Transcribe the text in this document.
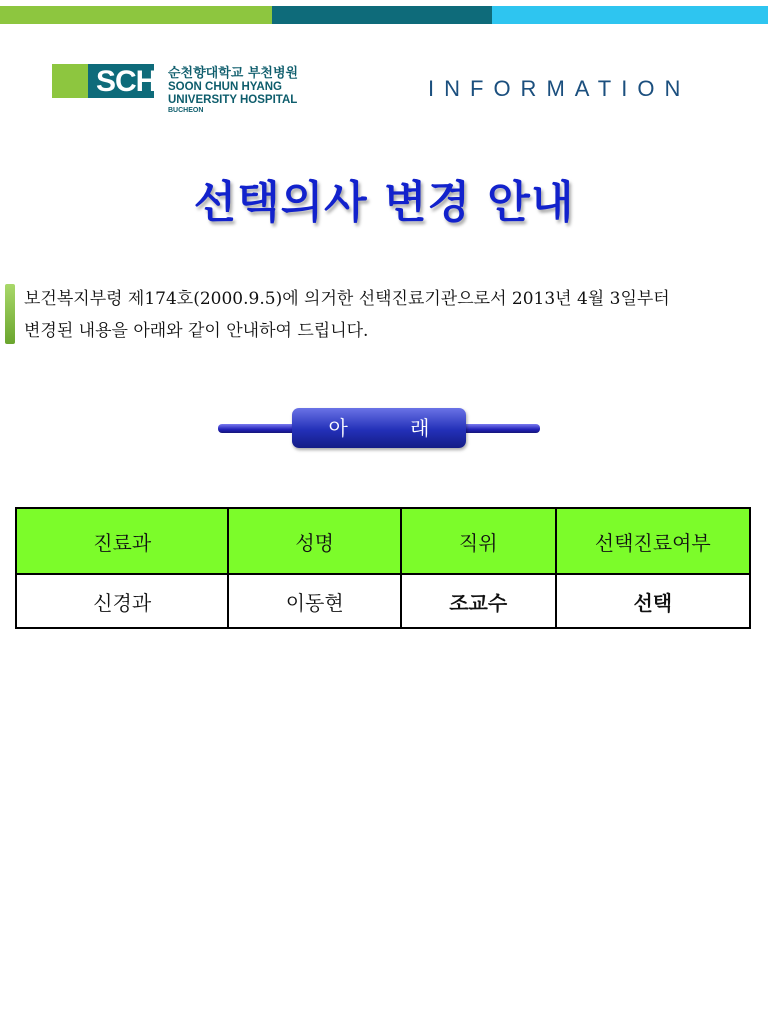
SCH 순천향대학교 부천병원
SOON CHUN HYANG
UNIVERSITY HOSPITAL
BUCHEON
INFORMATION
선택의사 변경 안내
보건복지부령 제174호(2000.9.5)에 의거한 선택진료기관으로서 2013년 4월 3일부터
변경된 내용을 아래와 같이 안내하여 드립니다.
아 래
진료과	성명	직위	선택진료여부
신경과	이동현	조교수	선택
